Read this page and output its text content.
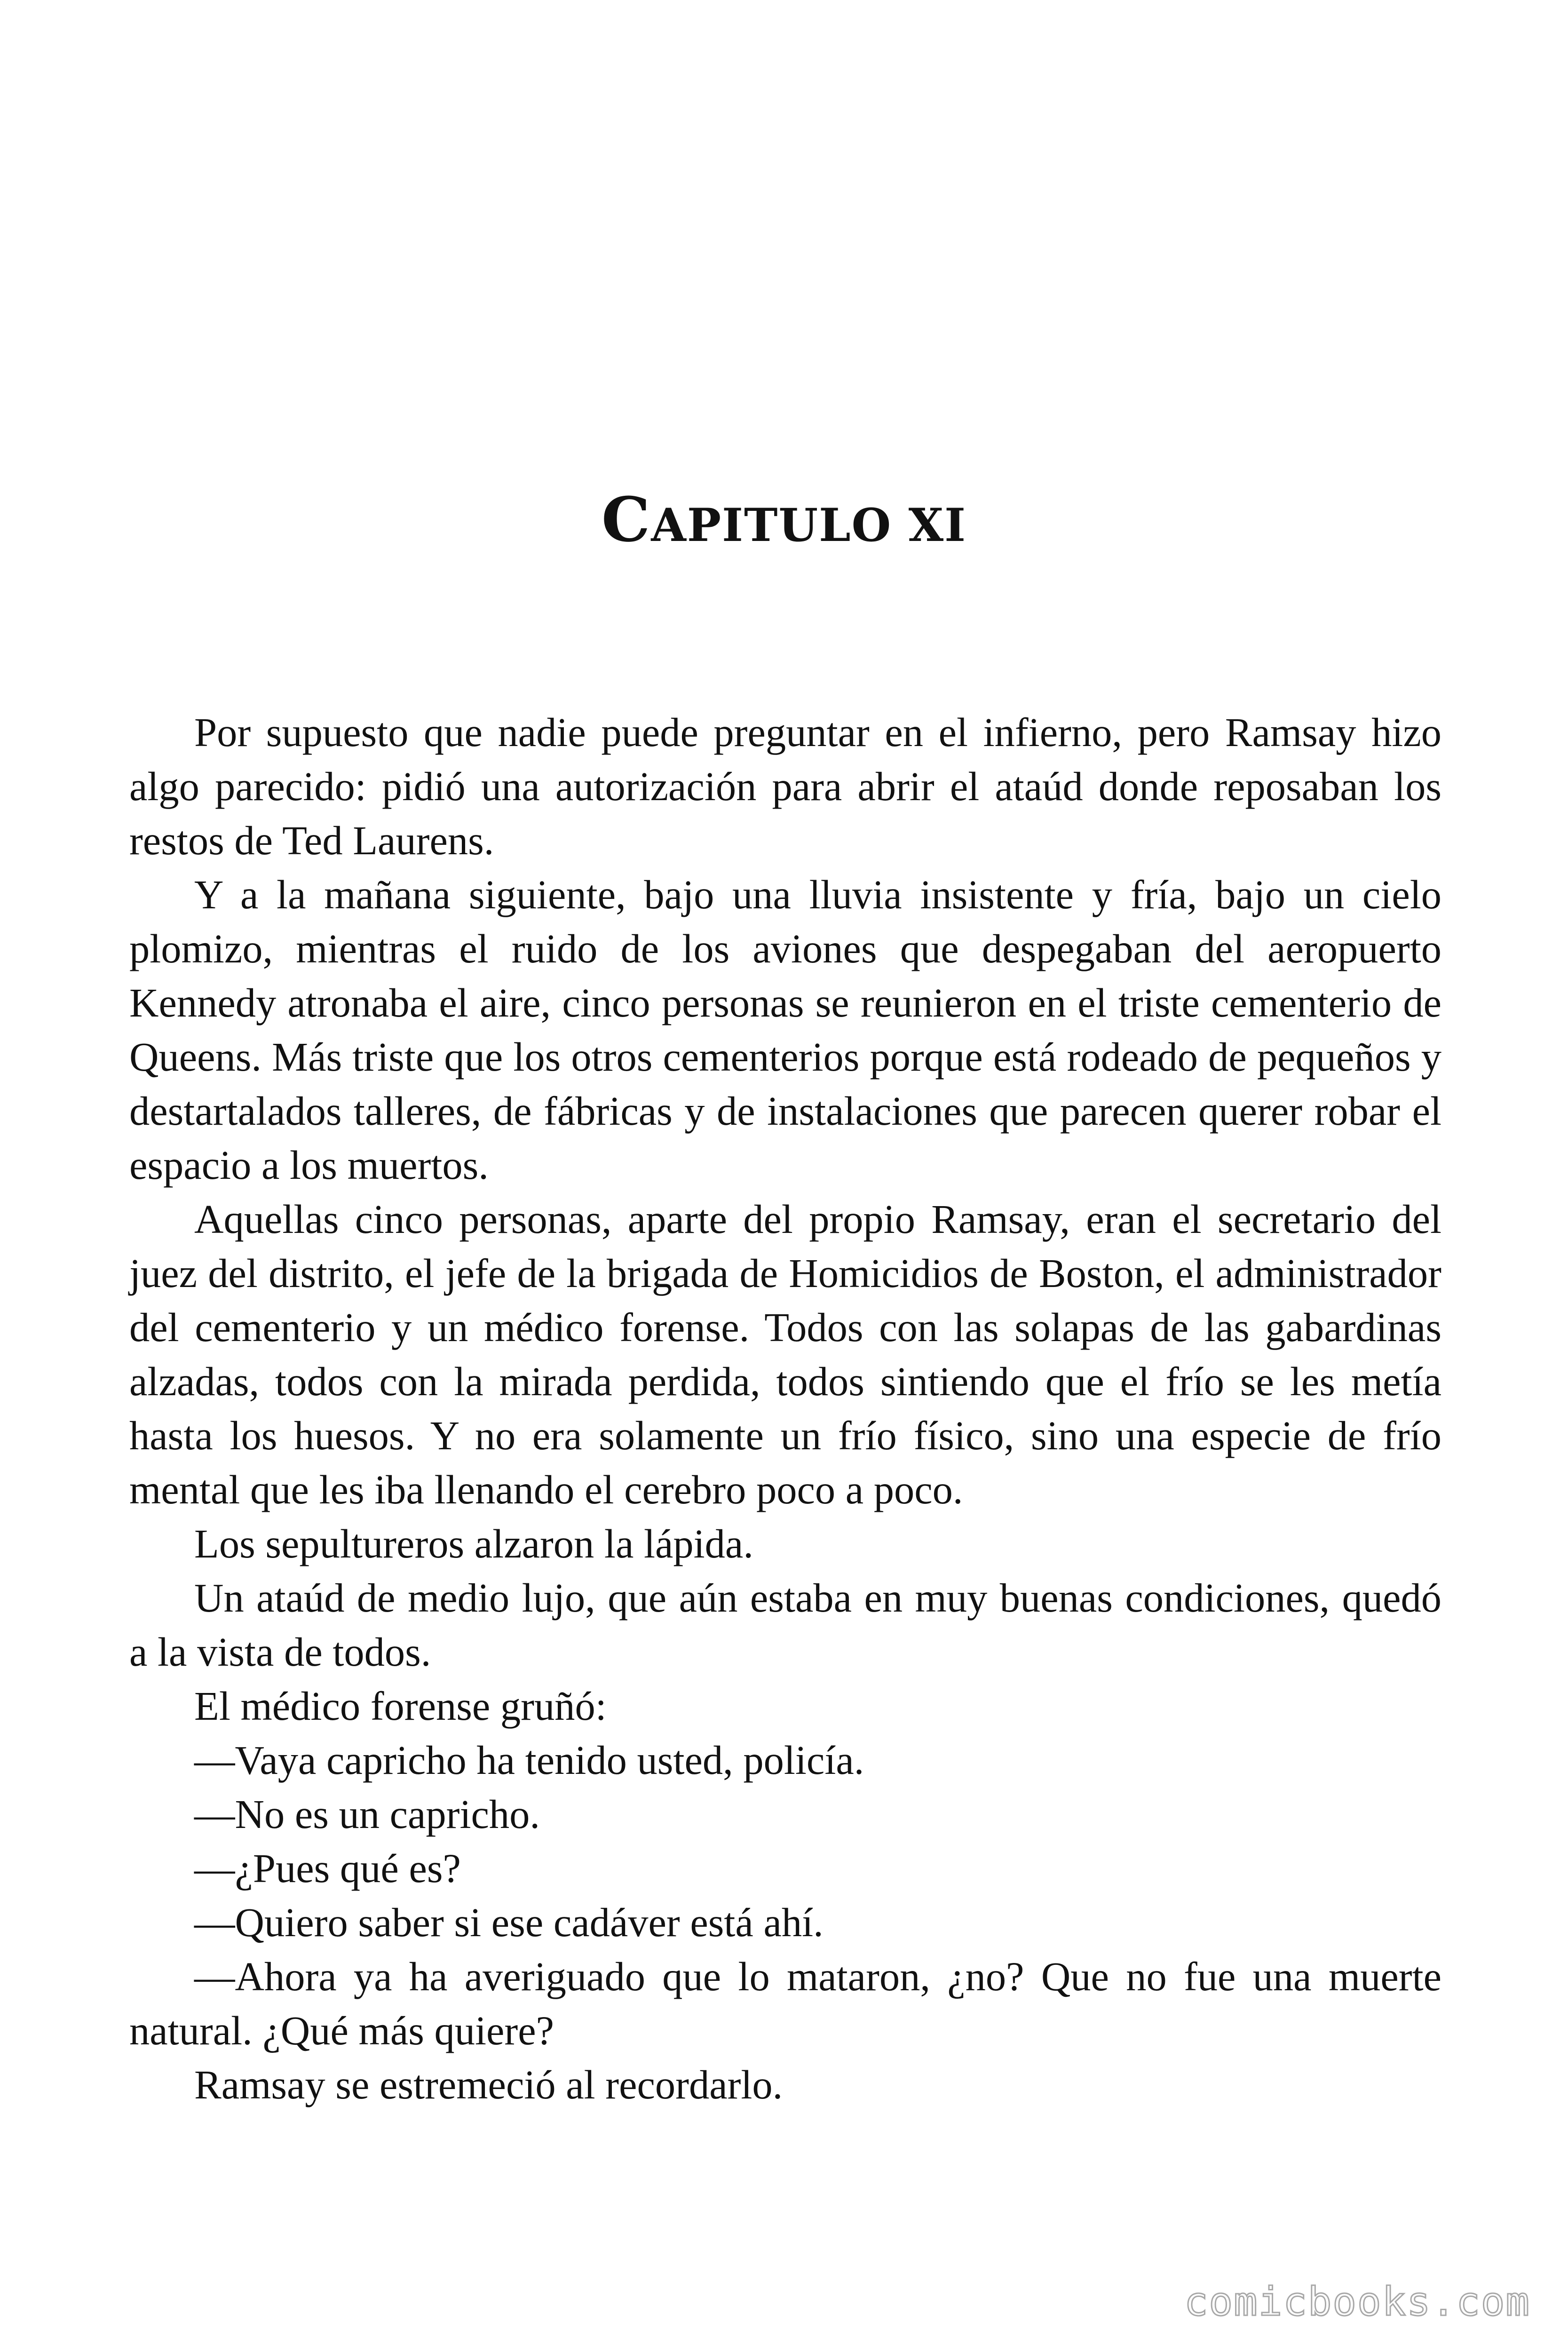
CAPITULO XI

Por supuesto que nadie puede preguntar en el infierno, pero Ramsay hizo algo parecido: pidió una autorización para abrir el ataúd donde reposaban los restos de Ted Laurens.

Y a la mañana siguiente, bajo una lluvia insistente y fría, bajo un cielo plomizo, mientras el ruido de los aviones que despegaban del aeropuerto Kennedy atronaba el aire, cinco personas se reunieron en el triste cementerio de Queens. Más triste que los otros cementerios porque está rodeado de pequeños y destartalados talleres, de fábricas y de instalaciones que parecen querer robar el espacio a los muertos.

Aquellas cinco personas, aparte del propio Ramsay, eran el secretario del juez del distrito, el jefe de la brigada de Homicidios de Boston, el administrador del cementerio y un médico forense. Todos con las solapas de las gabardinas alzadas, todos con la mirada perdida, todos sintiendo que el frío se les metía hasta los huesos. Y no era solamente un frío físico, sino una especie de frío mental que les iba llenando el cerebro poco a poco.

Los sepultureros alzaron la lápida.

Un ataúd de medio lujo, que aún estaba en muy buenas condiciones, quedó a la vista de todos.

El médico forense gruñó:

—Vaya capricho ha tenido usted, policía.

—No es un capricho.

—¿Pues qué es?

—Quiero saber si ese cadáver está ahí.

—Ahora ya ha averiguado que lo mataron, ¿no? Que no fue una muerte natural. ¿Qué más quiere?

Ramsay se estremeció al recordarlo.

comicbooks.com
